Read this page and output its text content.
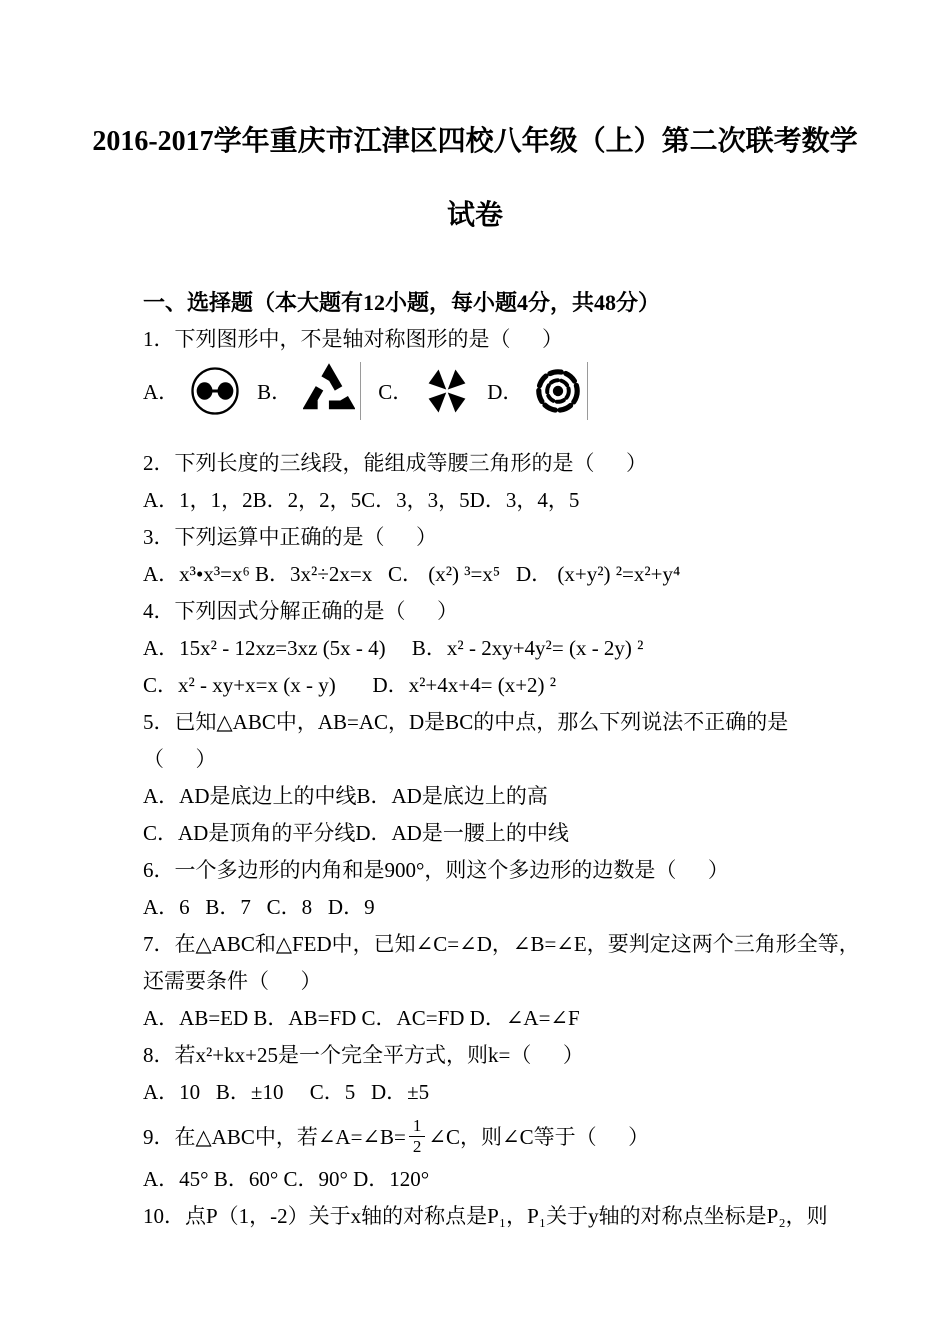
2016-2017学年重庆市江津区四校八年级（上）第二次联考数学
试卷
一、选择题（本大题有12小题，每小题4分，共48分）
1．下列图形中，不是轴对称图形的是（      ）
A．	B．	C．	D．
2．下列长度的三线段，能组成等腰三角形的是（      ）
A．1，1，2B．2，2，5C．3，3，5D．3，4，5
3．下列运算中正确的是（      ）
A．x³•x³=x⁶ B．3x²÷2x=x   C． (x²) ³=x⁵   D． (x+y²) ²=x²+y⁴
4．下列因式分解正确的是（      ）
A．15x² - 12xz=3xz (5x - 4)     B．x² - 2xy+4y²= (x - 2y) ²
C．x² - xy+x=x (x - y)       D．x²+4x+4= (x+2) ²
5．已知△ABC中，AB=AC，D是BC的中点，那么下列说法不正确的是
（      ）
A．AD是底边上的中线B．AD是底边上的高
C．AD是顶角的平分线D．AD是一腰上的中线
6．一个多边形的内角和是900°，则这个多边形的边数是（      ）
A．6   B．7   C．8   D．9
7．在△ABC和△FED中，已知∠C=∠D，∠B=∠E，要判定这两个三角形全等，
还需要条件（      ）
A．AB=ED B．AB=FD C．AC=FD D．∠A=∠F
8．若x²+kx+25是一个完全平方式，则k=（      ）
A．10   B．±10     C．5   D．±5
9．在△ABC中，若∠A=∠B= $\frac{1}{2}$ ∠C，则∠C等于（      ）
A．45° B．60° C．90° D．120°
10．点P（1，-2）关于x轴的对称点是P₁，P₁关于y轴的对称点坐标是P₂，则
